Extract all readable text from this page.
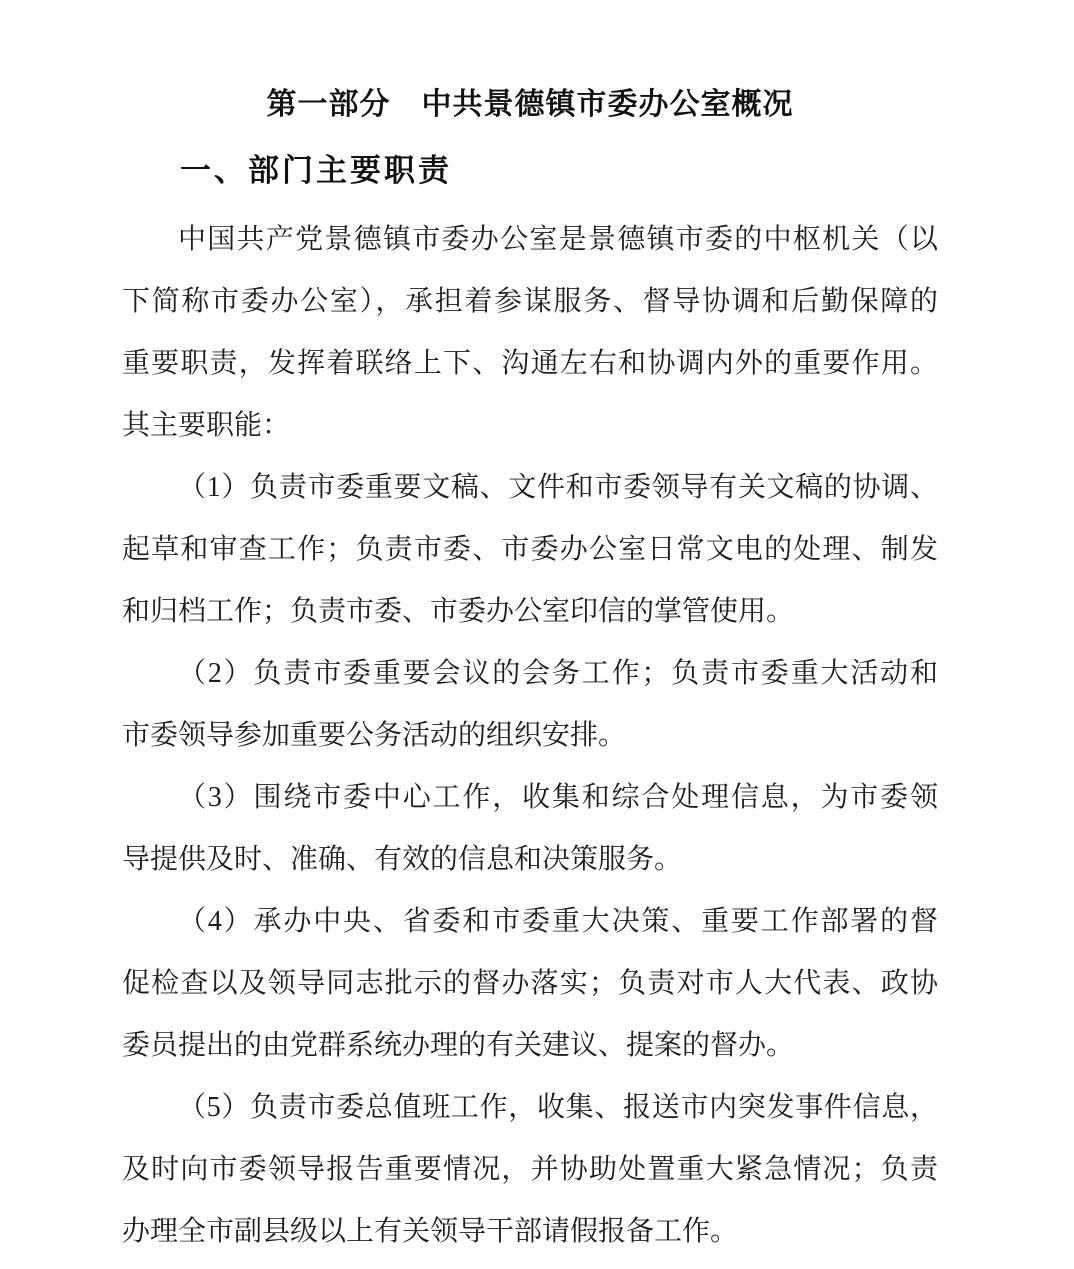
第一部分　中共景德镇市委办公室概况
一、部门主要职责

中国共产党景德镇市委办公室是景德镇市委的中枢机关（以
下简称市委办公室），承担着参谋服务、督导协调和后勤保障的
重要职责，发挥着联络上下、沟通左右和协调内外的重要作用。
其主要职能：

（1）负责市委重要文稿、文件和市委领导有关文稿的协调、
起草和审查工作；负责市委、市委办公室日常文电的处理、制发
和归档工作；负责市委、市委办公室印信的掌管使用。

（2）负责市委重要会议的会务工作；负责市委重大活动和
市委领导参加重要公务活动的组织安排。

（3）围绕市委中心工作，收集和综合处理信息，为市委领
导提供及时、准确、有效的信息和决策服务。

（4）承办中央、省委和市委重大决策、重要工作部署的督
促检查以及领导同志批示的督办落实；负责对市人大代表、政协
委员提出的由党群系统办理的有关建议、提案的督办。

（5）负责市委总值班工作，收集、报送市内突发事件信息，
及时向市委领导报告重要情况，并协助处置重大紧急情况；负责
办理全市副县级以上有关领导干部请假报备工作。
